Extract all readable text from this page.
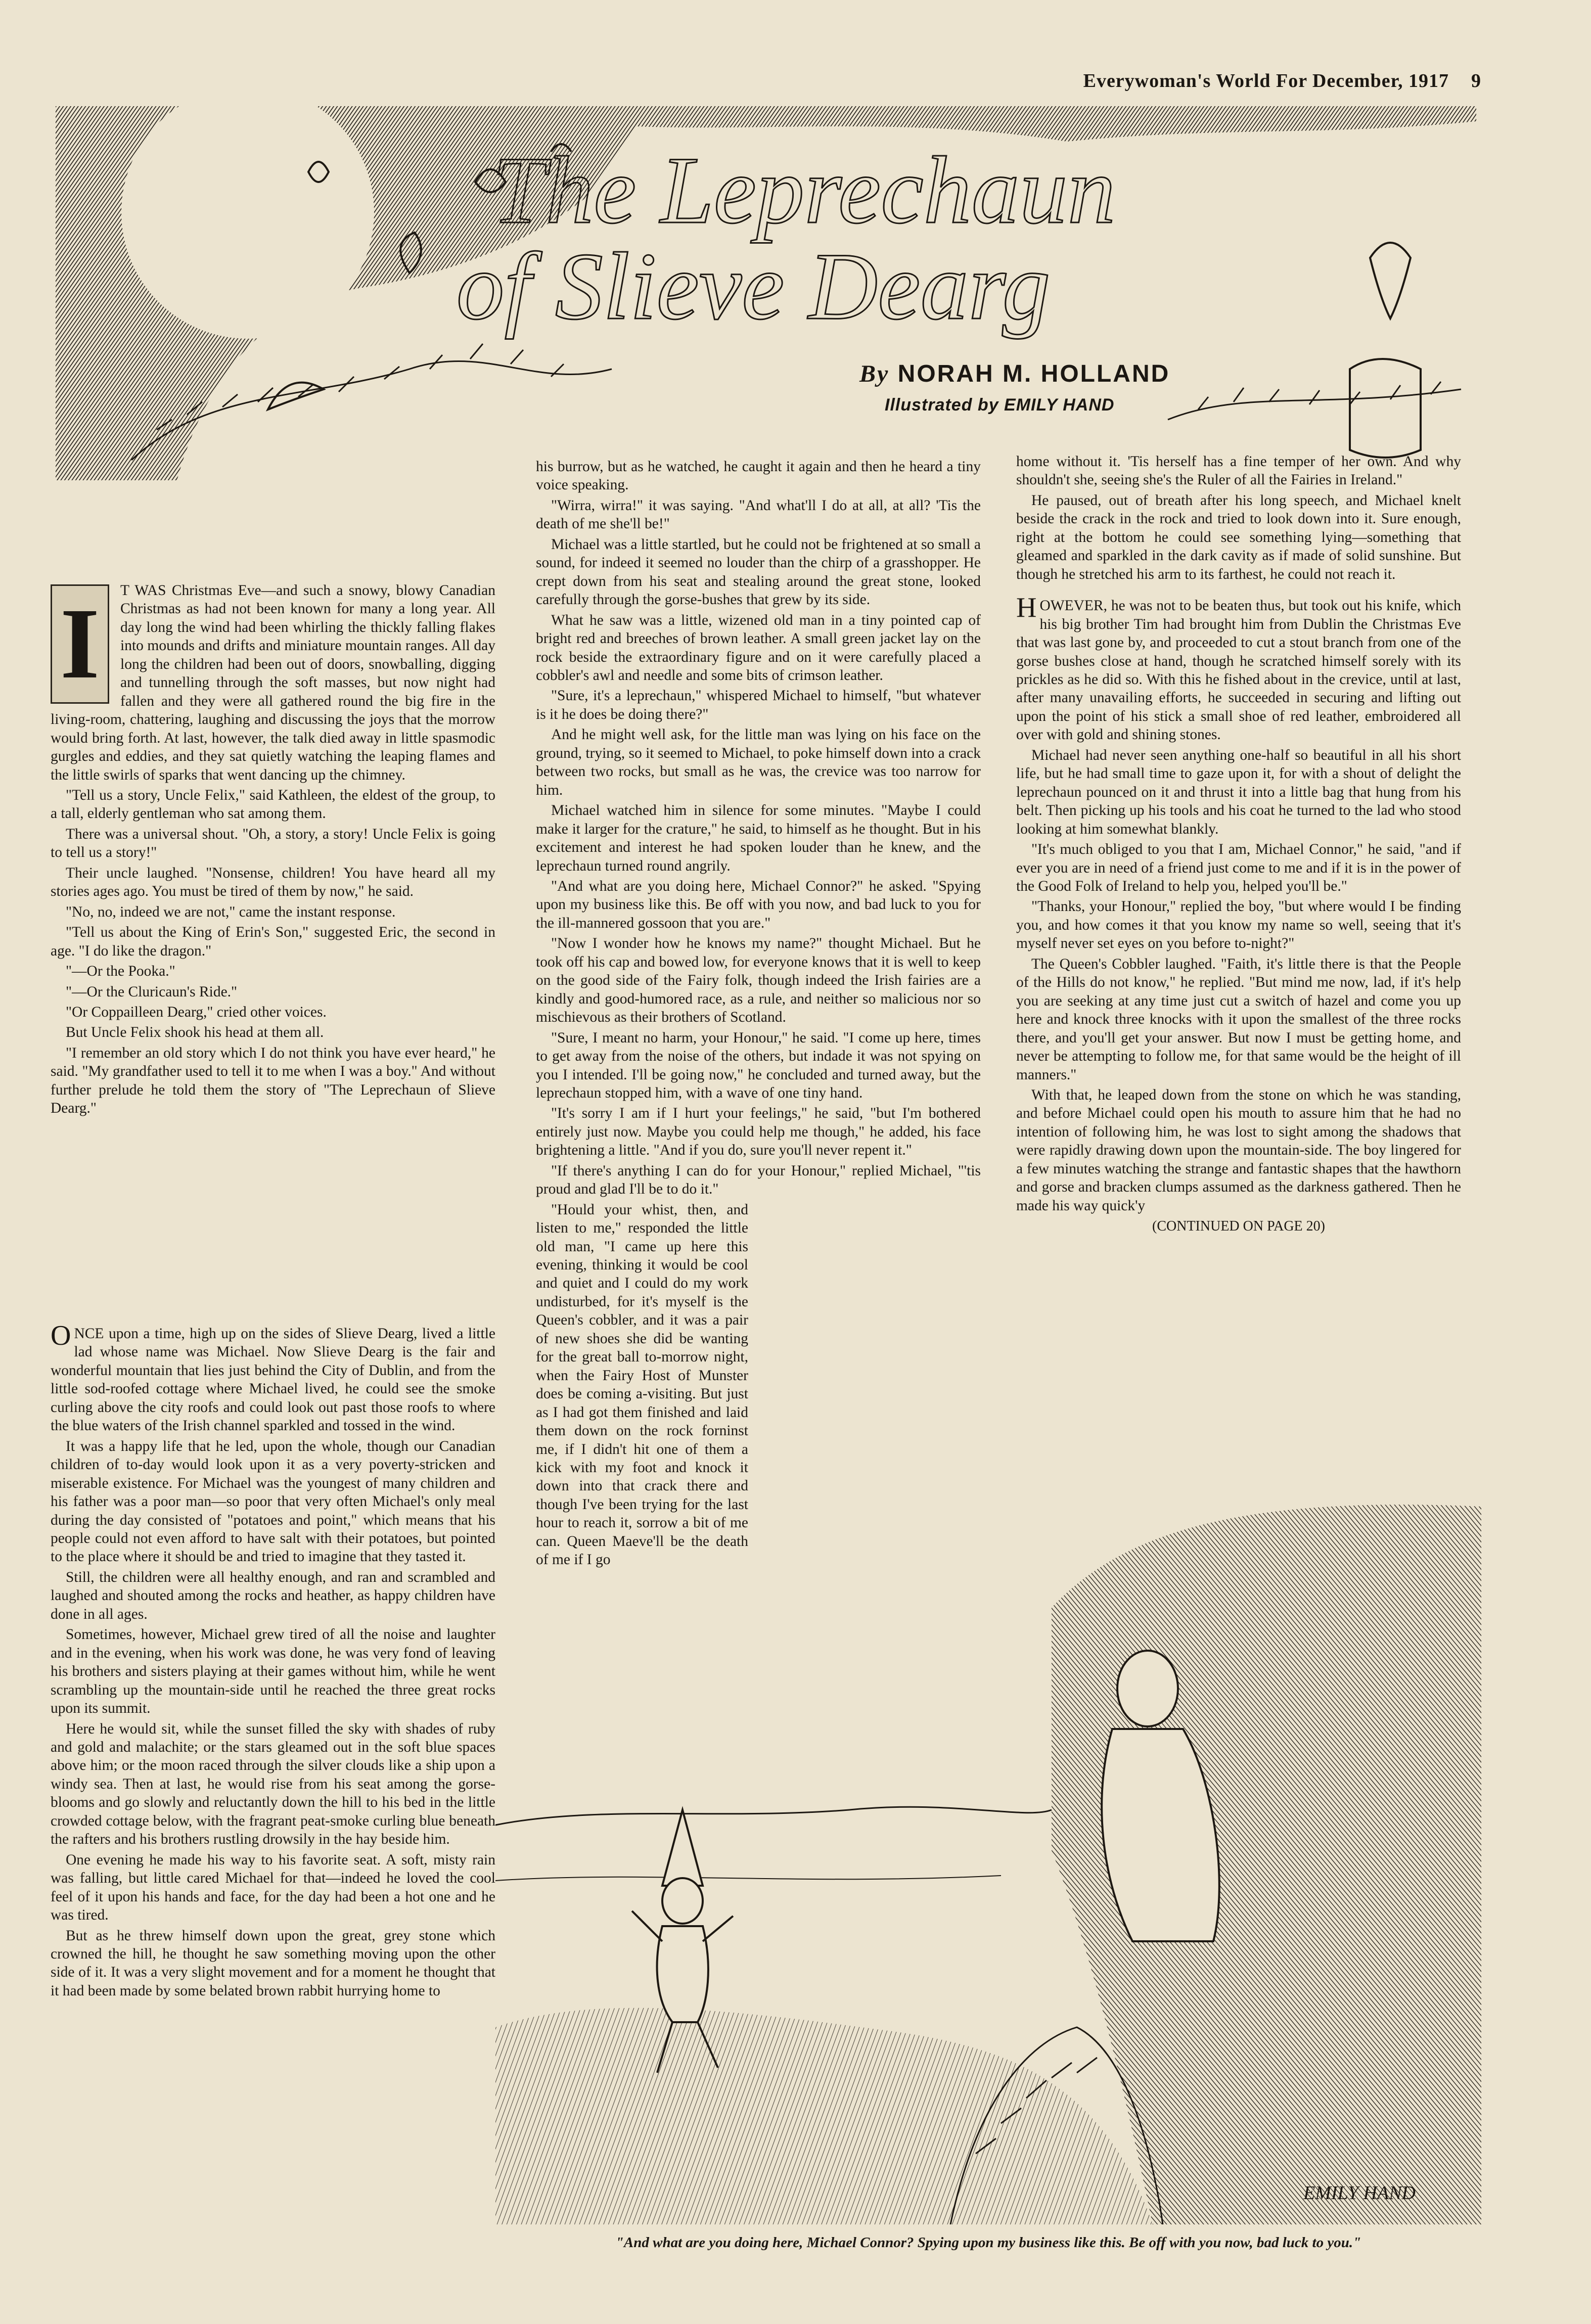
Everywoman's World For December, 1917 9
The Leprechaun
of Slieve Dearg
By NORAH M. HOLLAND
Illustrated by EMILY HAND
I	T WAS Christmas Eve—and such a snowy, blowy Canadian Christmas as had not been known for many a long year. All day long the wind had been whirling the thickly falling flakes into mounds and drifts and miniature mountain ranges. All day long the children had been out of doors, snowballing, digging and tunnelling through the soft masses, but now night had fallen and they were all gathered round the big fire in the living-room, chattering, laughing and discussing the joys that the morrow would bring forth. At last, however, the talk died away in little spasmodic gurgles and eddies, and they sat quietly watching the leaping flames and the little swirls of sparks that went dancing up the chimney.

"Tell us a story, Uncle Felix," said Kathleen, the eldest of the group, to a tall, elderly gentleman who sat among them.

There was a universal shout. "Oh, a story, a story! Uncle Felix is going to tell us a story!"

Their uncle laughed. "Nonsense, children! You have heard all my stories ages ago. You must be tired of them by now," he said.

"No, no, indeed we are not," came the instant response.

"Tell us about the King of Erin's Son," suggested Eric, the second in age. "I do like the dragon."

"—Or the Pooka."

"—Or the Cluricaun's Ride."

"Or Coppailleen Dearg," cried other voices.

But Uncle Felix shook his head at them all.

"I remember an old story which I do not think you have ever heard," he said. "My grandfather used to tell it to me when I was a boy." And without further prelude he told them the story of "The Leprechaun of Slieve Dearg."

ONCE upon a time, high up on the sides of Slieve Dearg, lived a little lad whose name was Michael. Now Slieve Dearg is the fair and wonderful mountain that lies just behind the City of Dublin, and from the little sod-roofed cottage where Michael lived, he could see the smoke curling above the city roofs and could look out past those roofs to where the blue waters of the Irish channel sparkled and tossed in the wind.

It was a happy life that he led, upon the whole, though our Canadian children of to-day would look upon it as a very poverty-stricken and miserable existence. For Michael was the youngest of many children and his father was a poor man—so poor that very often Michael's only meal during the day consisted of "potatoes and point," which means that his people could not even afford to have salt with their potatoes, but pointed to the place where it should be and tried to imagine that they tasted it.

Still, the children were all healthy enough, and ran and scrambled and laughed and shouted among the rocks and heather, as happy children have done in all ages.

Sometimes, however, Michael grew tired of all the noise and laughter and in the evening, when his work was done, he was very fond of leaving his brothers and sisters playing at their games without him, while he went scrambling up the mountain-side until he reached the three great rocks upon its summit.

Here he would sit, while the sunset filled the sky with shades of ruby and gold and malachite; or the stars gleamed out in the soft blue spaces above him; or the moon raced through the silver clouds like a ship upon a windy sea. Then at last, he would rise from his seat among the gorse-blooms and go slowly and reluctantly down the hill to his bed in the little crowded cottage below, with the fragrant peat-smoke curling blue beneath the rafters and his brothers rustling drowsily in the hay beside him.

One evening he made his way to his favorite seat. A soft, misty rain was falling, but little cared Michael for that—indeed he loved the cool feel of it upon his hands and face, for the day had been a hot one and he was tired.

But as he threw himself down upon the great, grey stone which crowned the hill, he thought he saw something moving upon the other side of it. It was a very slight movement and for a moment he thought that it had been made by some belated brown rabbit hurrying home to

his burrow, but as he watched, he caught it again and then he heard a tiny voice speaking.

"Wirra, wirra!" it was saying. "And what'll I do at all, at all? 'Tis the death of me she'll be!"

Michael was a little startled, but he could not be frightened at so small a sound, for indeed it seemed no louder than the chirp of a grasshopper. He crept down from his seat and stealing around the great stone, looked carefully through the gorse-bushes that grew by its side.

What he saw was a little, wizened old man in a tiny pointed cap of bright red and breeches of brown leather. A small green jacket lay on the rock beside the extraordinary figure and on it were carefully placed a cobbler's awl and needle and some bits of crimson leather.

"Sure, it's a leprechaun," whispered Michael to himself, "but whatever is it he does be doing there?"

And he might well ask, for the little man was lying on his face on the ground, trying, so it seemed to Michael, to poke himself down into a crack between two rocks, but small as he was, the crevice was too narrow for him.

Michael watched him in silence for some minutes. "Maybe I could make it larger for the crature," he said, to himself as he thought. But in his excitement and interest he had spoken louder than he knew, and the leprechaun turned round angrily.

"And what are you doing here, Michael Connor?" he asked. "Spying upon my business like this. Be off with you now, and bad luck to you for the ill-mannered gossoon that you are."

"Now I wonder how he knows my name?" thought Michael. But he took off his cap and bowed low, for everyone knows that it is well to keep on the good side of the Fairy folk, though indeed the Irish fairies are a kindly and good-humored race, as a rule, and neither so malicious nor so mischievous as their brothers of Scotland.

"Sure, I meant no harm, your Honour," he said. "I come up here, times to get away from the noise of the others, but indade it was not spying on you I intended. I'll be going now," he concluded and turned away, but the leprechaun stopped him, with a wave of one tiny hand.

"It's sorry I am if I hurt your feelings," he said, "but I'm bothered entirely just now. Maybe you could help me though," he added, his face brightening a little. "And if you do, sure you'll never repent it."

"If there's anything I can do for your Honour," replied Michael, "'tis proud and glad I'll be to do it."

"Hould your whist, then, and listen to me," responded the little old man, "I came up here this evening, thinking it would be cool and quiet and I could do my work undisturbed, for it's myself is the Queen's cobbler, and it was a pair of new shoes she did be wanting for the great ball to-morrow night, when the Fairy Host of Munster does be coming a-visiting. But just as I had got them finished and laid them down on the rock forninst me, if I didn't hit one of them a kick with my foot and knock it down into that crack there and though I've been trying for the last hour to reach it, sorrow a bit of me can. Queen Maeve'll be the death of me if I go

home without it. 'Tis herself has a fine temper of her own. And why shouldn't she, seeing she's the Ruler of all the Fairies in Ireland."

He paused, out of breath after his long speech, and Michael knelt beside the crack in the rock and tried to look down into it. Sure enough, right at the bottom he could see something lying—something that gleamed and sparkled in the dark cavity as if made of solid sunshine. But though he stretched his arm to its farthest, he could not reach it.

HOWEVER, he was not to be beaten thus, but took out his knife, which his big brother Tim had brought him from Dublin the Christmas Eve that was last gone by, and proceeded to cut a stout branch from one of the gorse bushes close at hand, though he scratched himself sorely with its prickles as he did so. With this he fished about in the crevice, until at last, after many unavailing efforts, he succeeded in securing and lifting out upon the point of his stick a small shoe of red leather, embroidered all over with gold and shining stones.

Michael had never seen anything one-half so beautiful in all his short life, but he had small time to gaze upon it, for with a shout of delight the leprechaun pounced on it and thrust it into a little bag that hung from his belt. Then picking up his tools and his coat he turned to the lad who stood looking at him somewhat blankly.

"It's much obliged to you that I am, Michael Connor," he said, "and if ever you are in need of a friend just come to me and if it is in the power of the Good Folk of Ireland to help you, helped you'll be."

"Thanks, your Honour," replied the boy, "but where would I be finding you, and how comes it that you know my name so well, seeing that it's myself never set eyes on you before to-night?"

The Queen's Cobbler laughed. "Faith, it's little there is that the People of the Hills do not know," he replied. "But mind me now, lad, if it's help you are seeking at any time just cut a switch of hazel and come you up here and knock three knocks with it upon the smallest of the three rocks there, and you'll get your answer. But now I must be getting home, and never be attempting to follow me, for that same would be the height of ill manners."

With that, he leaped down from the stone on which he was standing, and before Michael could open his mouth to assure him that he had no intention of following him, he was lost to sight among the shadows that were rapidly drawing down upon the mountain-side. The boy lingered for a few minutes watching the strange and fantastic shapes that the hawthorn and gorse and bracken clumps assumed as the darkness gathered. Then he made his way quick'y

(CONTINUED ON PAGE 20)
EMILY HAND
"And what are you doing here, Michael Connor? Spying upon my business like this. Be off with you now, bad luck to you."
